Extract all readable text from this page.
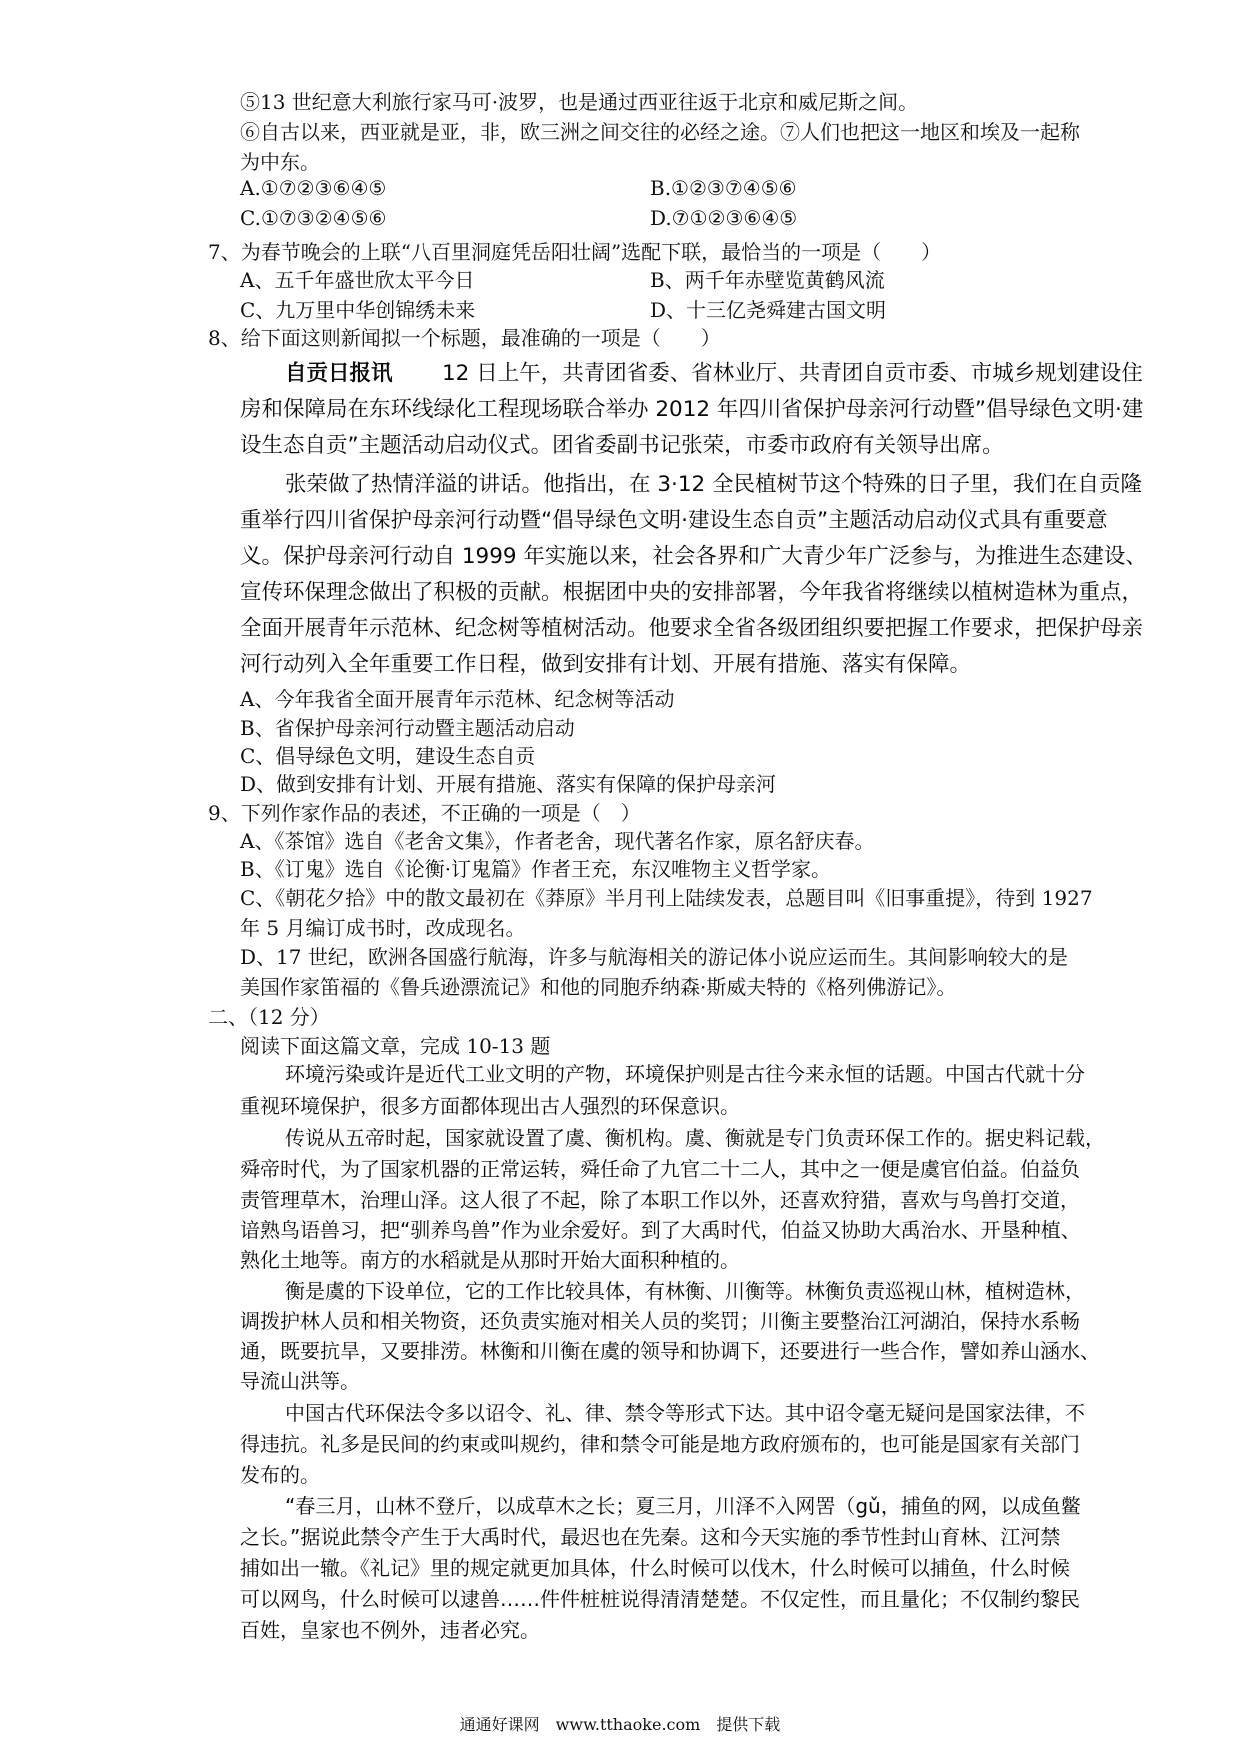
⑤13 世纪意大利旅行家马可·波罗，也是通过西亚往返于北京和威尼斯之间。
⑥自古以来，西亚就是亚，非，欧三洲之间交往的必经之途。⑦人们也把这一地区和埃及一起称
为中东。
A.①⑦②③⑥④⑤	B.①②③⑦④⑤⑥
C.①⑦③②④⑤⑥	D.⑦①②③⑥④⑤
7、为春节晚会的上联“八百里洞庭凭岳阳壮阔”选配下联，最恰当的一项是（　　）
A、五千年盛世欣太平今日	B、两千年赤壁览黄鹤风流
C、九万里中华创锦绣未来	D、十三亿尧舜建古国文明
8、给下面这则新闻拟一个标题，最准确的一项是（　　）
自贡日报讯 12 日上午，共青团省委、省林业厅、共青团自贡市委、市城乡规划建设住
房和保障局在东环线绿化工程现场联合举办 2012 年四川省保护母亲河行动暨”倡导绿色文明·建
设生态自贡”主题活动启动仪式。团省委副书记张荣，市委市政府有关领导出席。
张荣做了热情洋溢的讲话。他指出，在 3·12 全民植树节这个特殊的日子里，我们在自贡隆
重举行四川省保护母亲河行动暨“倡导绿色文明·建设生态自贡”主题活动启动仪式具有重要意
义。保护母亲河行动自 1999 年实施以来，社会各界和广大青少年广泛参与，为推进生态建设、
宣传环保理念做出了积极的贡献。根据团中央的安排部署，今年我省将继续以植树造林为重点，
全面开展青年示范林、纪念树等植树活动。他要求全省各级团组织要把握工作要求，把保护母亲
河行动列入全年重要工作日程，做到安排有计划、开展有措施、落实有保障。
A、今年我省全面开展青年示范林、纪念树等活动
B、省保护母亲河行动暨主题活动启动
C、倡导绿色文明，建设生态自贡
D、做到安排有计划、开展有措施、落实有保障的保护母亲河
9、下列作家作品的表述，不正确的一项是（　）
A、《茶馆》选自《老舍文集》，作者老舍，现代著名作家，原名舒庆春。
B、《订鬼》选自《论衡·订鬼篇》作者王充，东汉唯物主义哲学家。
C、《朝花夕拾》中的散文最初在《莽原》半月刊上陆续发表，总题目叫《旧事重提》，待到 1927
年 5 月编订成书时，改成现名。
D、17 世纪，欧洲各国盛行航海，许多与航海相关的游记体小说应运而生。其间影响较大的是
美国作家笛福的《鲁兵逊漂流记》和他的同胞乔纳森·斯威夫特的《格列佛游记》。
二、（12 分）
阅读下面这篇文章，完成 10-13 题
环境污染或许是近代工业文明的产物，环境保护则是古往今来永恒的话题。中国古代就十分
重视环境保护，很多方面都体现出古人强烈的环保意识。
传说从五帝时起，国家就设置了虞、衡机构。虞、衡就是专门负责环保工作的。据史料记载，
舜帝时代，为了国家机器的正常运转，舜任命了九官二十二人，其中之一便是虞官伯益。伯益负
责管理草木，治理山泽。这人很了不起，除了本职工作以外，还喜欢狩猎，喜欢与鸟兽打交道，
谙熟鸟语兽习，把“驯养鸟兽”作为业余爱好。到了大禹时代，伯益又协助大禹治水、开垦种植、
熟化土地等。南方的水稻就是从那时开始大面积种植的。
衡是虞的下设单位，它的工作比较具体，有林衡、川衡等。林衡负责巡视山林，植树造林，
调拨护林人员和相关物资，还负责实施对相关人员的奖罚；川衡主要整治江河湖泊，保持水系畅
通，既要抗旱，又要排涝。林衡和川衡在虞的领导和协调下，还要进行一些合作，譬如养山涵水、
导流山洪等。
中国古代环保法令多以诏令、礼、律、禁令等形式下达。其中诏令毫无疑问是国家法律，不
得违抗。礼多是民间的约束或叫规约，律和禁令可能是地方政府颁布的，也可能是国家有关部门
发布的。
“春三月，山林不登斤，以成草木之长；夏三月，川泽不入网罟（gǔ，捕鱼的网，以成鱼鳖
之长。”据说此禁令产生于大禹时代，最迟也在先秦。这和今天实施的季节性封山育林、江河禁
捕如出一辙。《礼记》里的规定就更加具体，什么时候可以伐木，什么时候可以捕鱼，什么时候
可以网鸟，什么时候可以逮兽……件件桩桩说得清清楚楚。不仅定性，而且量化；不仅制约黎民
百姓，皇家也不例外，违者必究。
通通好课网　www.tthaoke.com　提供下载
